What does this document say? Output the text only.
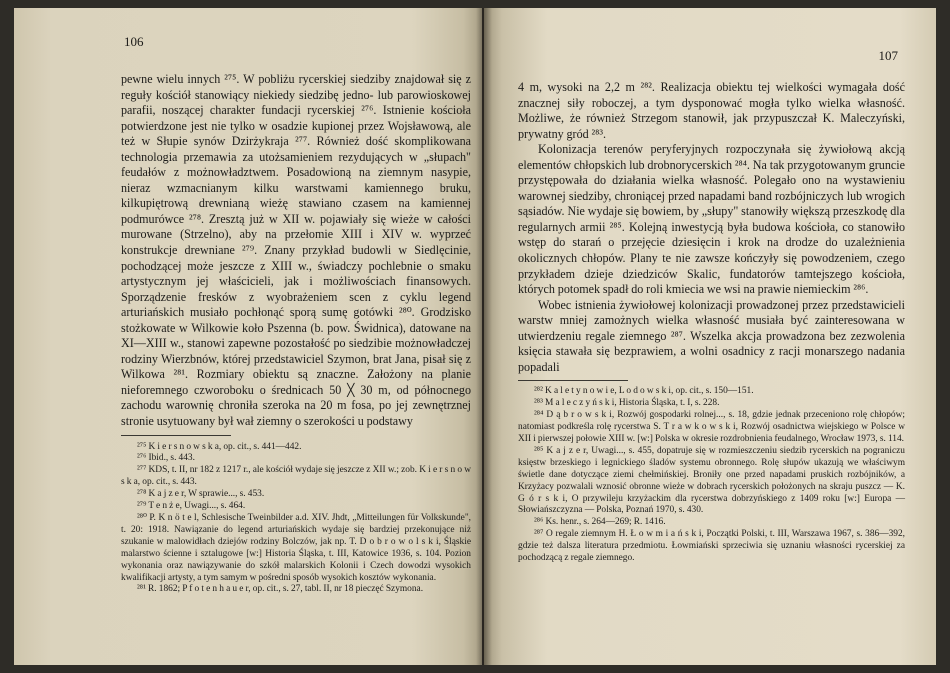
106

pewne wielu innych ²⁷⁵. W pobliżu rycerskiej siedziby znajdował się z reguły kościół stanowiący niekiedy siedzibę jedno- lub parowioskowej parafii, noszącej charakter fundacji rycerskiej ²⁷⁶. Istnienie kościoła potwierdzone jest nie tylko w osadzie kupionej przez Wojsławową, ale też w Słupie synów Dzirżykraja ²⁷⁷. Również dość skomplikowana technologia przemawia za utożsamieniem rezydujących w „słupach" feudałów z możnowładztwem. Posadowioną na ziemnym nasypie, nieraz wzmacnianym kilku warstwami kamiennego bruku, kilkupiętrową drewnianą wieżę stawiano czasem na kamiennej podmurówce ²⁷⁸. Zresztą już w XII w. pojawiały się wieże w całości murowane (Strzelno), aby na przełomie XIII i XIV w. wyprzeć konstrukcje drewniane ²⁷⁹. Znany przykład budowli w Siedlęcinie, pochodzącej może jeszcze z XIII w., świadczy pochlebnie o smaku artystycznym jej właścicieli, jak i możliwościach finansowych. Sporządzenie fresków z wyobrażeniem scen z cyklu legend arturiańskich musiało pochłonąć sporą sumę gotówki ²⁸⁰. Grodzisko stożkowate w Wilkowie koło Pszenna (b. pow. Świdnica), datowane na XI—XIII w., stanowi zapewne pozostałość po siedzibie możnowładczej rodziny Wierzbnów, której przedstawiciel Szymon, brat Jana, pisał się z Wilkowa ²⁸¹. Rozmiary obiektu są znaczne. Założony na planie nieforemnego czworoboku o średnicach 50 ╳ 30 m, od północnego zachodu warownię chroniła szeroka na 20 m fosa, po jej zewnętrznej stronie usytuowany był wał ziemny o szerokości u podstawy

²⁷⁵ K i e r s n o w s k a, op. cit., s. 441—442.

²⁷⁶ Ibid., s. 443.

²⁷⁷ KDS, t. II, nr 182 z 1217 r., ale kościół wydaje się jeszcze z XII w.; zob. K i e r s n o w s k a, op. cit., s. 443.

²⁷⁸ K a j z e r, W sprawie..., s. 453.

²⁷⁹ T e n ż e, Uwagi..., s. 464.

²⁸⁰ P. K n ö t e l, Schlesische Tweinbilder a.d. XIV. Jhdt, „Mitteilungen für Volkskunde", t. 20: 1918. Nawiązanie do legend arturiańskich wydaje się bardziej przekonujące niż szukanie w malowidłach dziejów rodziny Bolczów, jak np. T. D o b r o w o l s k i, Śląskie malarstwo ścienne i sztalugowe [w:] Historia Śląska, t. III, Katowice 1936, s. 104. Pozion wykonania oraz nawiązywanie do szkół malarskich Kolonii i Czech dowodzi wysokich kwalifikacji artysty, a tym samym w pośredni sposób wysokich kosztów wykonania.

²⁸¹ R. 1862; P f o t e n h a u e r, op. cit., s. 27, tabl. II, nr 18 pieczęć Szymona.

107

4 m, wysoki na 2,2 m ²⁸². Realizacja obiektu tej wielkości wymagała dość znacznej siły roboczej, a tym dysponować mogła tylko wielka własność. Możliwe, że również Strzegom stanowił, jak przypuszczał K. Maleczyński, prywatny gród ²⁸³.

Kolonizacja terenów peryferyjnych rozpoczynała się żywiołową akcją elementów chłopskich lub drobnorycerskich ²⁸⁴. Na tak przygotowanym gruncie przystępowała do działania wielka własność. Polegało ono na wystawieniu warownej siedziby, chroniącej przed napadami band rozbójniczych lub wrogich sąsiadów. Nie wydaje się bowiem, by „słupy" stanowiły większą przeszkodę dla regularnych armii ²⁸⁵. Kolejną inwestycją była budowa kościoła, co stanowiło wstęp do starań o przejęcie dziesięcin i krok na drodze do uzależnienia okolicznych chłopów. Plany te nie zawsze kończyły się powodzeniem, czego przykładem dzieje dziedziców Skalic, fundatorów tamtejszego kościoła, których potomek spadł do roli kmiecia we wsi na prawie niemieckim ²⁸⁶.

Wobec istnienia żywiołowej kolonizacji prowadzonej przez przedstawicieli warstw mniej zamożnych wielka własność musiała być zainteresowana w utwierdzeniu regale ziemnego ²⁸⁷. Wszelka akcja prowadzona bez zezwolenia księcia stawała się bezprawiem, a wolni osadnicy z racji monarszego nadania popadali

²⁸² K a l e t y n o w i e, L o d o w s k i, op. cit., s. 150—151.

²⁸³ M a l e c z y ń s k i, Historia Śląska, t. I, s. 228.

²⁸⁴ D ą b r o w s k i, Rozwój gospodarki rolnej..., s. 18, gdzie jednak przeceniono rolę chłopów; natomiast podkreśla rolę rycerstwa S. T r a w k o w s k i, Rozwój osadnictwa wiejskiego w Polsce w XII i pierwszej połowie XIII w. [w:] Polska w okresie rozdrobnienia feudalnego, Wrocław 1973, s. 114.

²⁸⁵ K a j z e r, Uwagi..., s. 455, dopatruje się w rozmieszczeniu siedzib rycerskich na pograniczu księstw brzeskiego i legnickiego śladów systemu obronnego. Rolę słupów ukazują we właściwym świetle dane dotyczące ziemi chełmińskiej. Broniły one przed napadami pruskich rozbójników, a Krzyżacy pozwalali wznosić obronne wieże w dobrach rycerskich położonych na skraju puszcz — K. G ó r s k i, O przywileju krzyżackim dla rycerstwa dobrzyńskiego z 1409 roku [w:] Europa — Słowiańszczyzna — Polska, Poznań 1970, s. 430.

²⁸⁶ Ks. henr., s. 264—269; R. 1416.

²⁸⁷ O regale ziemnym H. Ł o w m i a ń s k i, Początki Polski, t. III, Warszawa 1967, s. 386—392, gdzie też dalsza literatura przedmiotu. Łowmiański sprzeciwia się uznaniu własności rycerskiej za pochodzącą z regale ziemnego.
